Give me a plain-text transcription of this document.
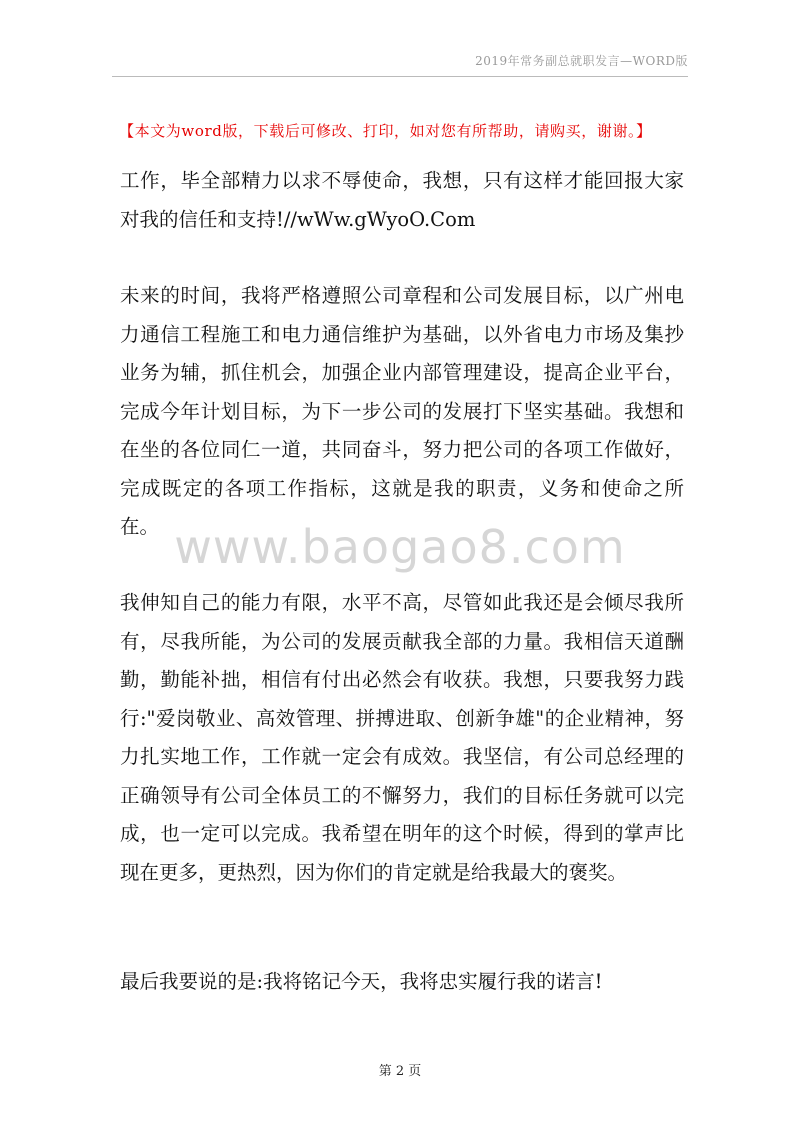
2019年常务副总就职发言—WORD版
【本文为word版，下载后可修改、打印，如对您有所帮助，请购买，谢谢。】

工作，毕全部精力以求不辱使命，我想，只有这样才能回报大家对我的信任和支持!//wWw.gWyoO.Com

未来的时间，我将严格遵照公司章程和公司发展目标，以广州电力通信工程施工和电力通信维护为基础，以外省电力市场及集抄业务为辅，抓住机会，加强企业内部管理建设，提高企业平台，完成今年计划目标，为下一步公司的发展打下坚实基础。我想和在坐的各位同仁一道，共同奋斗，努力把公司的各项工作做好，完成既定的各项工作指标，这就是我的职责，义务和使命之所在。 www.baogao8.com

我伸知自己的能力有限，水平不高，尽管如此我还是会倾尽我所有，尽我所能，为公司的发展贡献我全部的力量。我相信天道酬勤，勤能补拙，相信有付出必然会有收获。我想，只要我努力践行:"爱岗敬业、高效管理、拼搏进取、创新争雄"的企业精神，努力扎实地工作，工作就一定会有成效。我坚信，有公司总经理的正确领导有公司全体员工的不懈努力，我们的目标任务就可以完成，也一定可以完成。我希望在明年的这个时候，得到的掌声比现在更多，更热烈，因为你们的肯定就是给我最大的褒奖。

最后我要说的是:我将铭记今天，我将忠实履行我的诺言!

第 2 页
